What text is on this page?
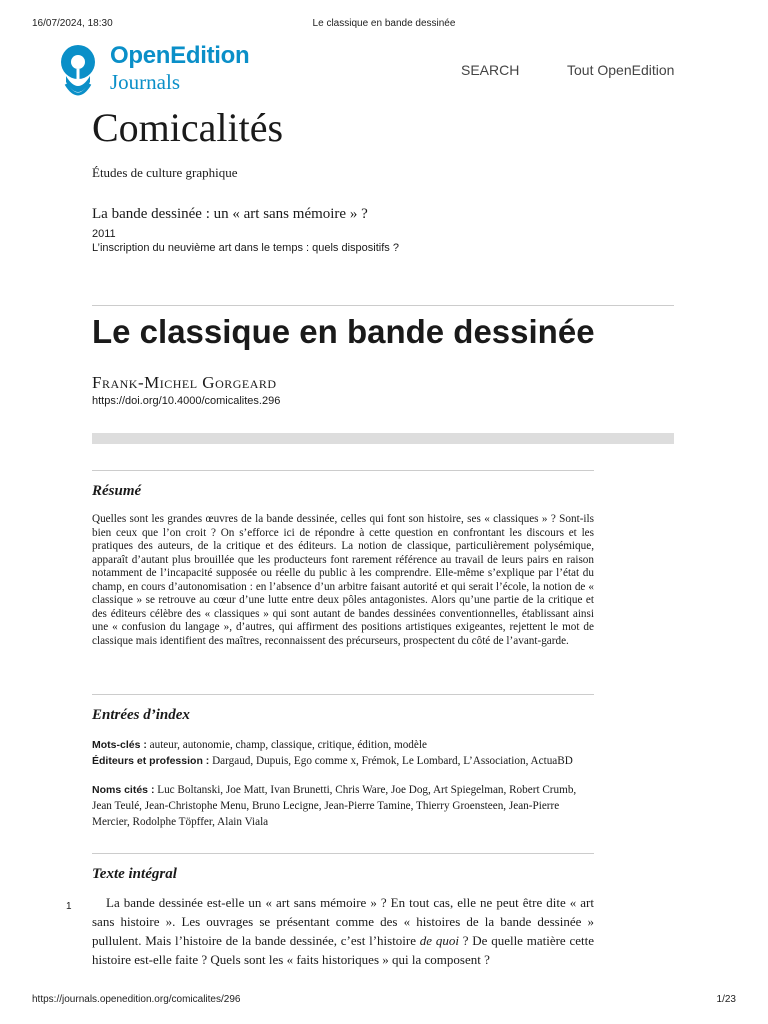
16/07/2024, 18:30	Le classique en bande dessinée
OpenEdition
Journals	SEARCH	Tout OpenEdition
Comicalités
Études de culture graphique
La bande dessinée : un « art sans mémoire » ?
2011
L’inscription du neuvième art dans le temps : quels dispositifs ?
Le classique en bande dessinée
Frank-Michel Gorgeard
https://doi.org/10.4000/comicalites.296
Résumé

Quelles sont les grandes œuvres de la bande dessinée, celles qui font son histoire, ses « classiques » ? Sont-ils bien ceux que l’on croit ? On s’efforce ici de répondre à cette question en confrontant les discours et les pratiques des auteurs, de la critique et des éditeurs. La notion de classique, particulièrement polysémique, apparaît d’autant plus brouillée que les producteurs font rarement référence au travail de leurs pairs en raison notamment de l’incapacité supposée ou réelle du public à les comprendre. Elle-même s’explique par l’état du champ, en cours d’autonomisation : en l’absence d’un arbitre faisant autorité et qui serait l’école, la notion de « classique » se retrouve au cœur d’une lutte entre deux pôles antagonistes. Alors qu’une partie de la critique et des éditeurs célèbre des « classiques » qui sont autant de bandes dessinées conventionnelles, établissant ainsi une « confusion du langage », d’autres, qui affirment des positions artistiques exigeantes, rejettent le mot de classique mais identifient des maîtres, reconnaissent des précurseurs, prospectent du côté de l’avant-garde.

Entrées d’index
Mots-clés : auteur, autonomie, champ, classique, critique, édition, modèle
Éditeurs et profession : Dargaud, Dupuis, Ego comme x, Frémok, Le Lombard, L’Association, ActuaBD
Noms cités : Luc Boltanski, Joe Matt, Ivan Brunetti, Chris Ware, Joe Dog, Art Spiegelman, Robert Crumb, Jean Teulé, Jean-Christophe Menu, Bruno Lecigne, Jean-Pierre Tamine, Thierry Groensteen, Jean-Pierre Mercier, Rodolphe Töpffer, Alain Viala
Texte intégral
1	La bande dessinée est-elle un « art sans mémoire » ? En tout cas, elle ne peut être dite « art sans histoire ». Les ouvrages se présentant comme des « histoires de la bande dessinée » pullulent. Mais l’histoire de la bande dessinée, c’est l’histoire de quoi ? De quelle matière cette histoire est-elle faite ? Quels sont les « faits historiques » qui la composent ?

https://journals.openedition.org/comicalites/296	1/23
